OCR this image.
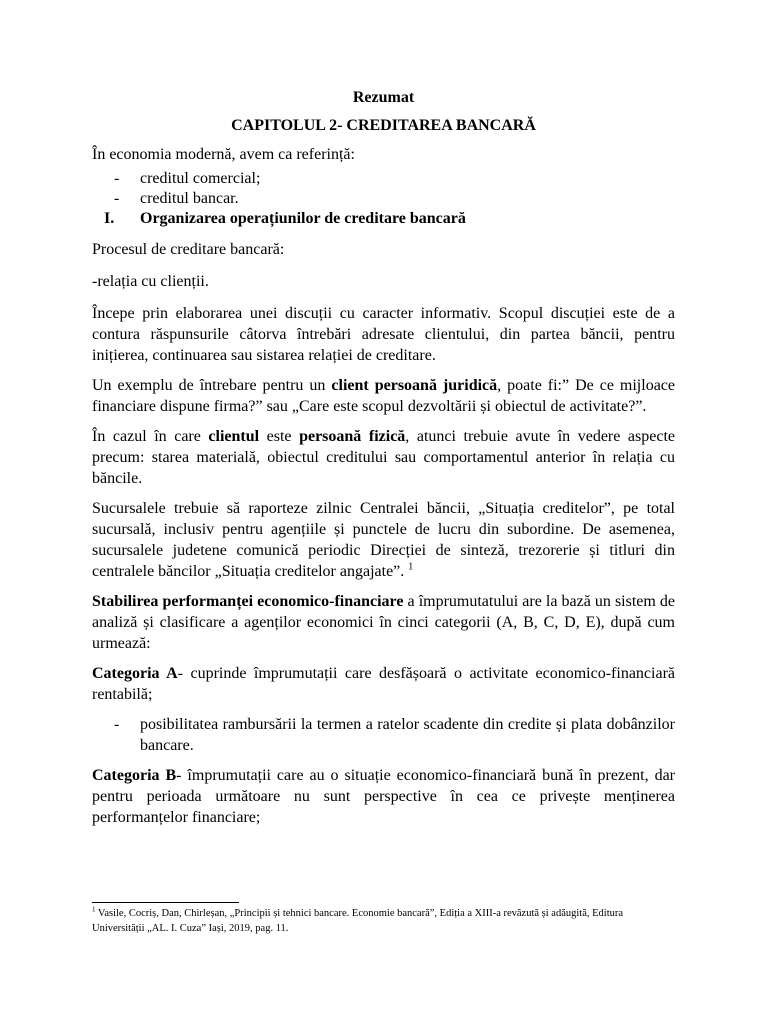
Rezumat
CAPITOLUL 2- CREDITAREA BANCARĂ

În economia modernă, avem ca referință:

- creditul comercial;
- creditul bancar.
I. Organizarea operațiunilor de creditare bancară

Procesul de creditare bancară:

-relația cu clienții.

Începe prin elaborarea unei discuții cu caracter informativ. Scopul discuției este de a contura răspunsurile câtorva întrebări adresate clientului, din partea băncii, pentru inițierea, continuarea sau sistarea relației de creditare.

Un exemplu de întrebare pentru un client persoană juridică, poate fi:” De ce mijloace financiare dispune firma?” sau „Care este scopul dezvoltării și obiectul de activitate?”.

În cazul în care clientul este persoană fizică, atunci trebuie avute în vedere aspecte precum: starea materială, obiectul creditului sau comportamentul anterior în relația cu băncile.

Sucursalele trebuie să raporteze zilnic Centralei băncii, „Situația creditelor”, pe total sucursală, inclusiv pentru agențiile și punctele de lucru din subordine. De asemenea, sucursalele judetene comunică periodic Direcției de sinteză, trezorerie și titluri din centralele băncilor „Situația creditelor angajate”. $^1$

Stabilirea performanței economico-financiare a împrumutatului are la bază un sistem de analiză și clasificare a agenților economici în cinci categorii (A, B, C, D, E), după cum urmează:

Categoria A- cuprinde împrumutații care desfășoară o activitate economico-financiară rentabilă;

- posibilitatea rambursării la termen a ratelor scadente din credite și plata dobânzilor bancare.

Categoria B- împrumutații care au o situație economico-financiară bună în prezent, dar pentru perioada următoare nu sunt perspective în cea ce privește menținerea performanțelor financiare;

$^1$ Vasile, Cocriș, Dan, Chirleșan, „Principii și tehnici bancare. Economie bancară”, Ediția a XIII-a revăzută și adăugită, Editura Universității „AL. I. Cuza” Iași, 2019, pag. 11.
